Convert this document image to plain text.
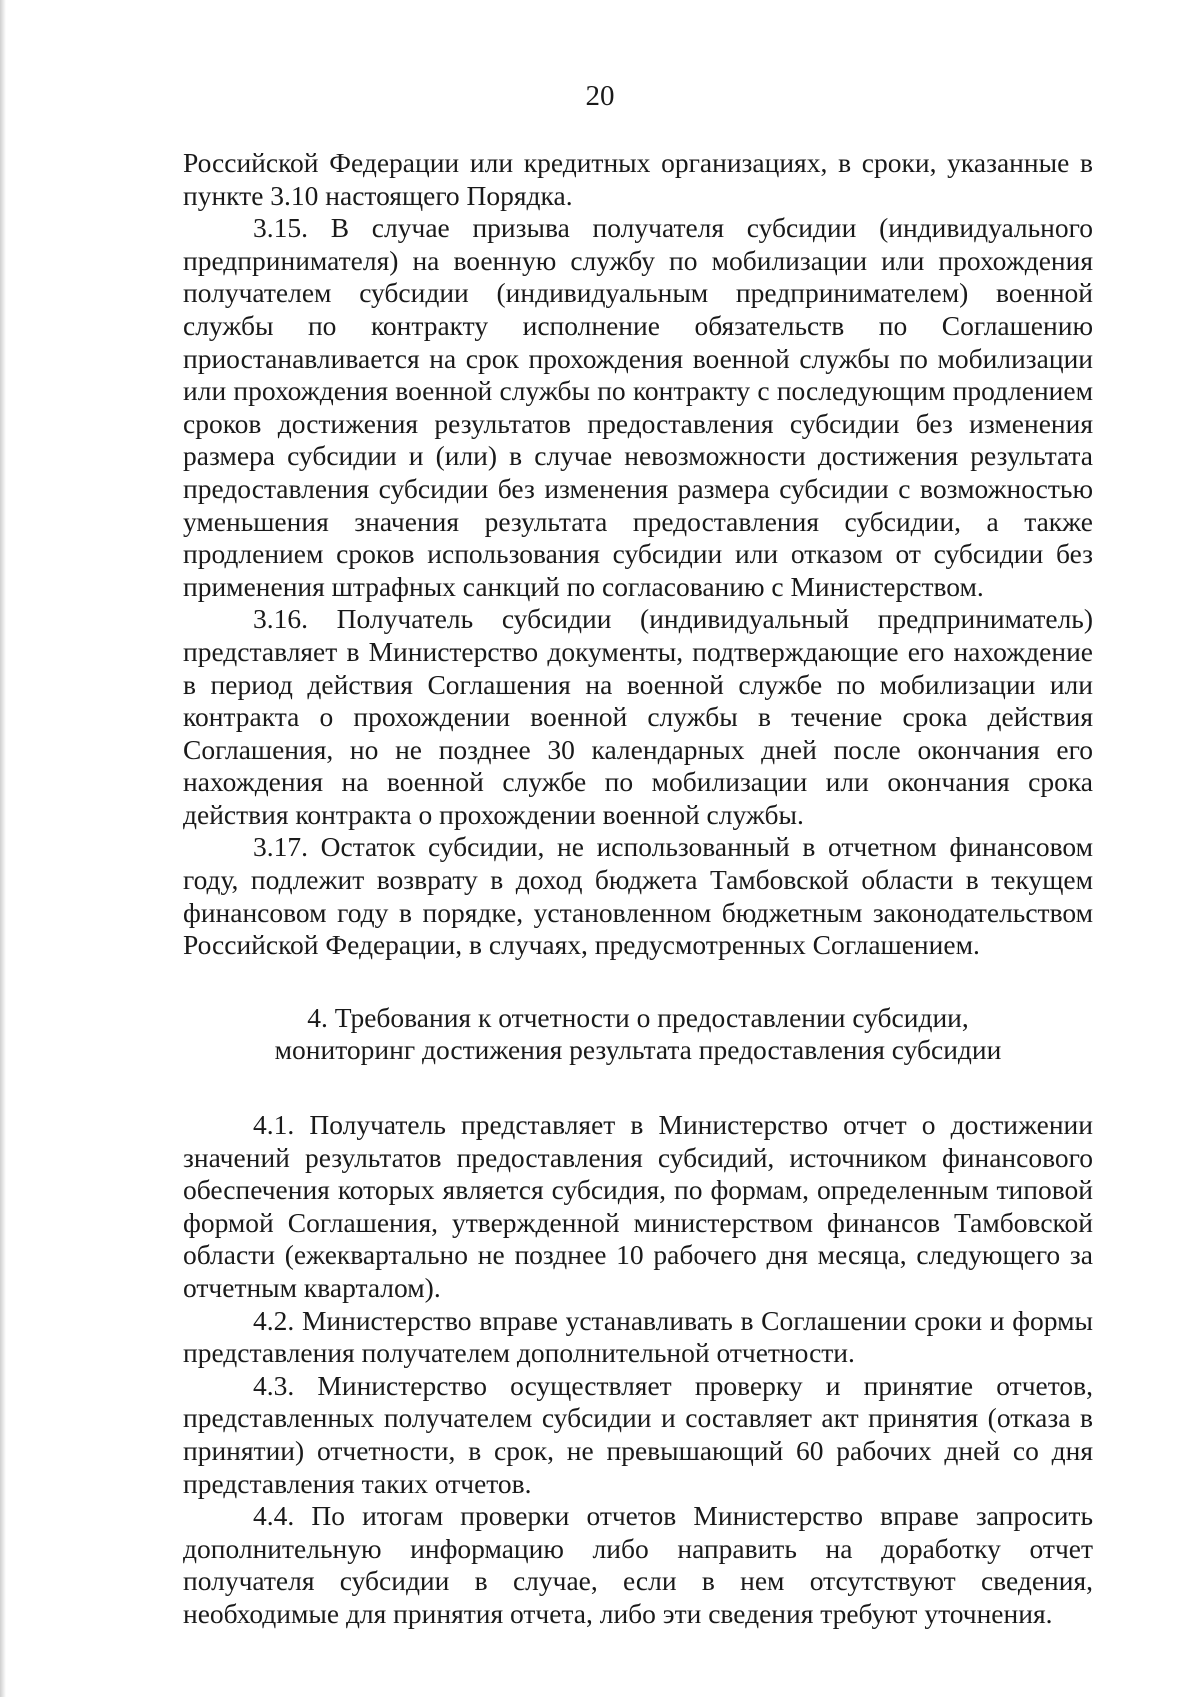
20

Российской Федерации или кредитных организациях, в сроки, указанные в пункте 3.10 настоящего Порядка.

3.15. В случае призыва получателя субсидии (индивидуального предпринимателя) на военную службу по мобилизации или прохождения получателем субсидии (индивидуальным предпринимателем) военной службы по контракту исполнение обязательств по Соглашению приостанавливается на срок прохождения военной службы по мобилизации или прохождения военной службы по контракту с последующим продлением сроков достижения результатов предоставления субсидии без изменения размера субсидии и (или) в случае невозможности достижения результата предоставления субсидии без изменения размера субсидии с возможностью уменьшения значения результата предоставления субсидии, а также продлением сроков использования субсидии или отказом от субсидии без применения штрафных санкций по согласованию с Министерством.

3.16. Получатель субсидии (индивидуальный предприниматель) представляет в Министерство документы, подтверждающие его нахождение в период действия Соглашения на военной службе по мобилизации или контракта о прохождении военной службы в течение срока действия Соглашения, но не позднее 30 календарных дней после окончания его нахождения на военной службе по мобилизации или окончания срока действия контракта о прохождении военной службы.

3.17. Остаток субсидии, не использованный в отчетном финансовом году, подлежит возврату в доход бюджета Тамбовской области в текущем финансовом году в порядке, установленном бюджетным законодательством Российской Федерации, в случаях, предусмотренных Соглашением.

4. Требования к отчетности о предоставлении субсидии,

мониторинг достижения результата предоставления субсидии

4.1. Получатель представляет в Министерство отчет о достижении значений результатов предоставления субсидий, источником финансового обеспечения которых является субсидия, по формам, определенным типовой формой Соглашения, утвержденной министерством финансов Тамбовской области (ежеквартально не позднее 10 рабочего дня месяца, следующего за отчетным кварталом).

4.2. Министерство вправе устанавливать в Соглашении сроки и формы представления получателем дополнительной отчетности.

4.3. Министерство осуществляет проверку и принятие отчетов, представленных получателем субсидии и составляет акт принятия (отказа в принятии) отчетности, в срок, не превышающий 60 рабочих дней со дня представления таких отчетов.

4.4. По итогам проверки отчетов Министерство вправе запросить дополнительную информацию либо направить на доработку отчет получателя субсидии в случае, если в нем отсутствуют сведения, необходимые для принятия отчета, либо эти сведения требуют уточнения.
